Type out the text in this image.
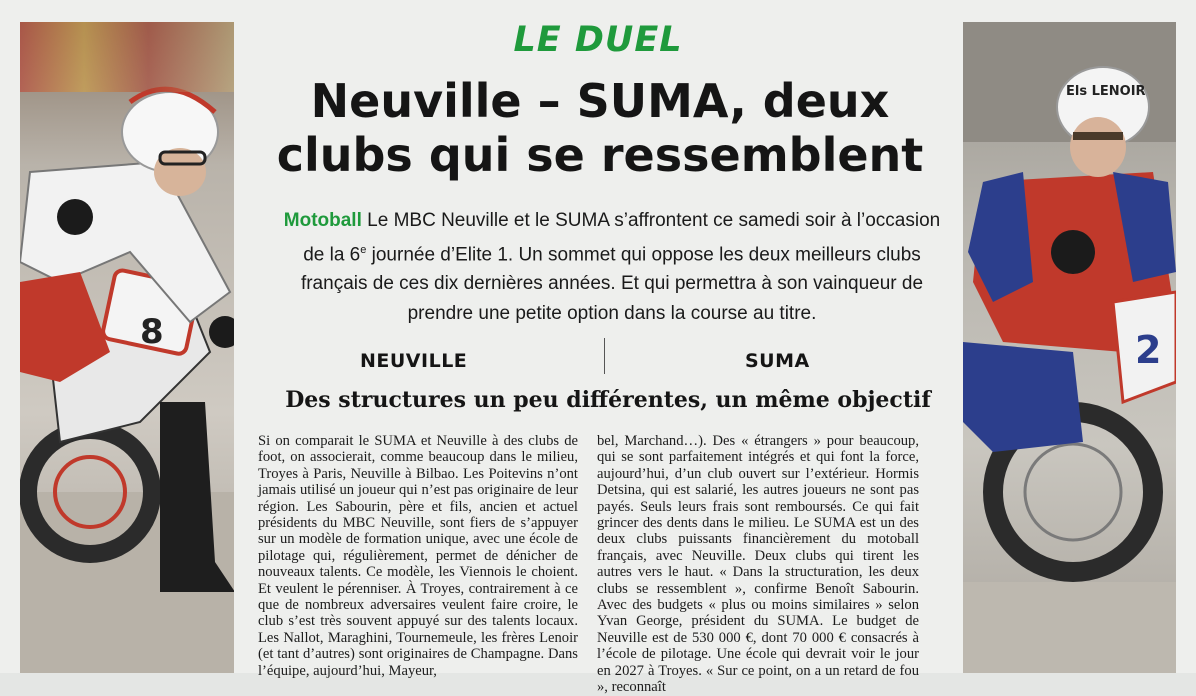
8
Els LENOIR
2
LE DUEL
Neuville – SUMA, deux clubs qui se ressemblent
Motoball Le MBC Neuville et le SUMA s’affrontent ce samedi soir à l’occasion de la 6e journée d’Elite 1. Un sommet qui oppose les deux meilleurs clubs français de ces dix dernières années. Et qui permettra à son vainqueur de prendre une petite option dans la course au titre.
NEUVILLE	SUMA
Des structures un peu différentes, un même objectif

Si on comparait le SUMA et Neuville à des clubs de foot, on associerait, comme beaucoup dans le milieu, Troyes à Paris, Neuville à Bilbao. Les Poitevins n’ont jamais utilisé un joueur qui n’est pas originaire de leur région. Les Sabourin, père et fils, ancien et actuel présidents du MBC Neuville, sont fiers de s’appuyer sur un modèle de formation unique, avec une école de pilotage qui, régulièrement, permet de dénicher de nouveaux talents. Ce modèle, les Viennois le choient. Et veulent le pérenniser. À Troyes, contrairement à ce que de nombreux adversaires veulent faire croire, le club s’est très souvent appuyé sur des talents locaux. Les Nallot, Maraghini, Tournemeule, les frères Lenoir (et tant d’autres) sont originaires de Champagne. Dans l’équipe, aujourd’hui, Mayeur,

bel, Marchand…). Des « étrangers » pour beaucoup, qui se sont parfaitement intégrés et qui font la force, aujourd’hui, d’un club ouvert sur l’extérieur. Hormis Detsina, qui est salarié, les autres joueurs ne sont pas payés. Seuls leurs frais sont remboursés. Ce qui fait grincer des dents dans le milieu. Le SUMA est un des deux clubs puissants financièrement du motoball français, avec Neuville. Deux clubs qui tirent les autres vers le haut. « Dans la structuration, les deux clubs se ressemblent », confirme Benoît Sabourin. Avec des budgets « plus ou moins similaires » selon Yvan George, président du SUMA. Le budget de Neuville est de 530 000 €, dont 70 000 € consacrés à l’école de pilotage. Une école qui devrait voir le jour en 2027 à Troyes. « Sur ce point, on a un retard de fou », reconnaît
